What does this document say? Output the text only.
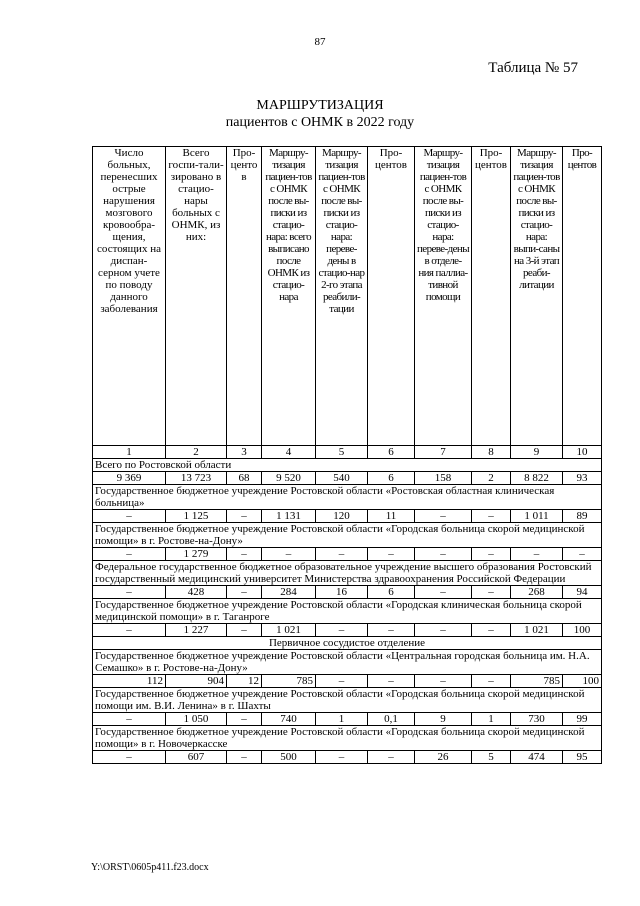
87
Таблица № 57
МАРШРУТИЗАЦИЯ
пациентов с ОНМК в 2022 году
Число больных, перенесших острые нарушения мозгового кровообра-щения, состоящих на диспан-серном учете по поводу данного заболевания	Всего госпи-тали-зировано в стацио-нары больных с ОНМК, из них:	Про-центов	Маршру-тизация пациен-тов с ОНМК после вы-писки из стацио-нара: всего выписано после ОНМК из стацио-нара	Маршру-тизация пациен-тов с ОНМК после вы-писки из стацио-нара: переве-дены в стацио-нар 2-го этапа реабили-тации	Про-центов	Маршру-тизация пациен-тов с ОНМК после вы-писки из стацио-нара: переве-дены в отделе-ния паллиа-тивной помощи	Про-центов	Маршру-тизация пациен-тов с ОНМК после вы-писки из стацио-нара: выпи-саны на 3-й этап реаби-литации	Про-центов
1	2	3	4	5	6	7	8	9	10
Всего по Ростовской области									
9 369	13 723	68	9 520	540	6	158	2	8 822	93
Государственное бюджетное учреждение Ростовской области «Ростовская областная клиническая больница»									
–	1 125	–	1 131	120	11	–	–	1 011	89
Государственное бюджетное учреждение Ростовской области «Городская больница скорой медицинской помощи» в г. Ростове-на-Дону»									
–	1 279	–	–	–	–	–	–	–	–
Федеральное государственное бюджетное образовательное учреждение высшего образования Ростовский государственный медицинский университет Министерства здравоохранения Российской Федерации									
–	428	–	284	16	6	–	–	268	94
Государственное бюджетное учреждение Ростовской области «Городская клиническая больница скорой медицинской помощи» в г. Таганроге									
–	1 227	–	1 021	–	–	–	–	1 021	100
Первичное сосудистое отделение									
Государственное бюджетное учреждение Ростовской области «Центральная городская больница им. Н.А. Семашко» в г. Ростове-на-Дону»									
112	904	12	785	–	–	–	–	785	100
Государственное бюджетное учреждение Ростовской области «Городская больница скорой медицинской помощи им. В.И. Ленина» в г. Шахты									
–	1 050	–	740	1	0,1	9	1	730	99
Государственное бюджетное учреждение Ростовской области «Городская больница скорой медицинской помощи» в г. Новочеркасске									
–	607	–	500	–	–	26	5	474	95
Y:\ORST\0605p411.f23.docx
